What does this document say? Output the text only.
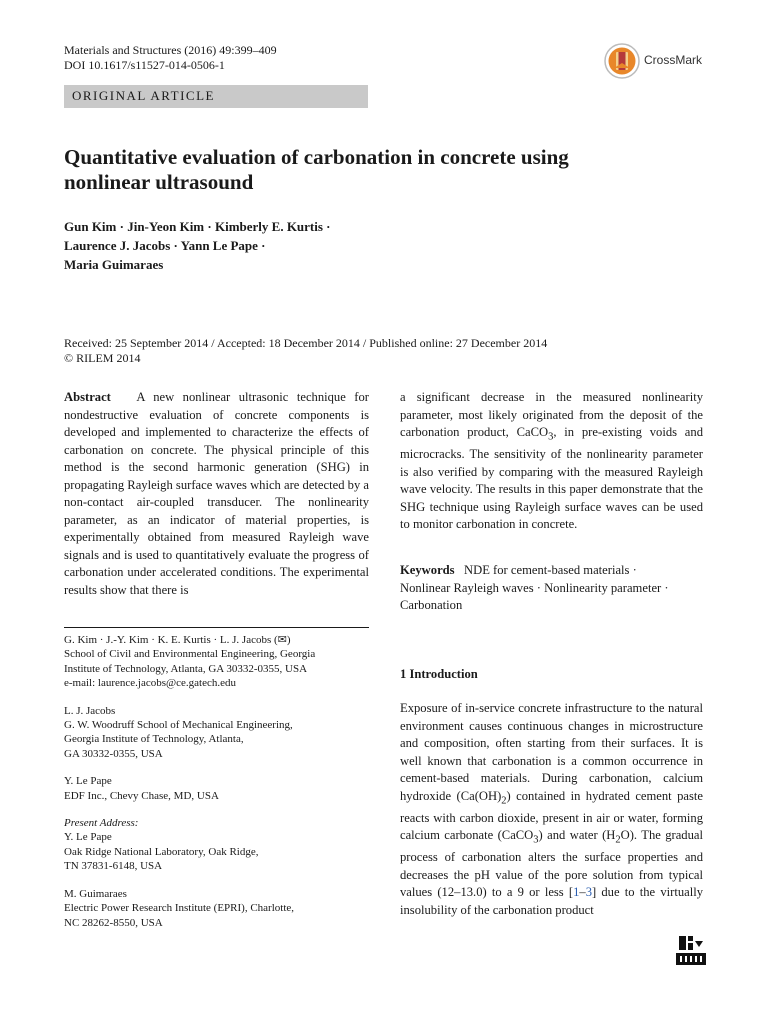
Materials and Structures (2016) 49:399–409
DOI 10.1617/s11527-014-0506-1	CrossMark
ORIGINAL ARTICLE
Quantitative evaluation of carbonation in concrete using
nonlinear ultrasound
Gun Kim · Jin-Yeon Kim · Kimberly E. Kurtis ·
Laurence J. Jacobs · Yann Le Pape ·
Maria Guimaraes
Received: 25 September 2014 / Accepted: 18 December 2014 / Published online: 27 December 2014
© RILEM 2014

Abstract A new nonlinear ultrasonic technique for nondestructive evaluation of concrete components is developed and implemented to characterize the effects of carbonation on concrete. The physical principle of this method is the second harmonic generation (SHG) in propagating Rayleigh surface waves which are detected by a non-contact air-coupled transducer. The nonlinearity parameter, as an indicator of material properties, is experimentally obtained from measured Rayleigh wave signals and is used to quantitatively evaluate the progress of carbonation under accelerated conditions. The experimental results show that there is

a significant decrease in the measured nonlinearity parameter, most likely originated from the deposit of the carbonation product, CaCO$_3$, in pre-existing voids and microcracks. The sensitivity of the nonlinearity parameter is also verified by comparing with the measured Rayleigh wave velocity. The results in this paper demonstrate that the SHG technique using Rayleigh surface waves can be used to monitor carbonation in concrete.

Keywords NDE for cement-based materials ·
Nonlinear Rayleigh waves · Nonlinearity parameter ·
Carbonation

G. Kim · J.-Y. Kim · K. E. Kurtis · L. J. Jacobs (✉)

School of Civil and Environmental Engineering, Georgia

Institute of Technology, Atlanta, GA 30332-0355, USA

e-mail: laurence.jacobs@ce.gatech.edu

L. J. Jacobs

G. W. Woodruff School of Mechanical Engineering,

Georgia Institute of Technology, Atlanta,

GA 30332-0355, USA

Y. Le Pape

EDF Inc., Chevy Chase, MD, USA

Present Address:

Y. Le Pape

Oak Ridge National Laboratory, Oak Ridge,

TN 37831-6148, USA

M. Guimaraes

Electric Power Research Institute (EPRI), Charlotte,

NC 28262-8550, USA

1 Introduction

Exposure of in-service concrete infrastructure to the natural environment causes continuous changes in microstructure and composition, often starting from their surfaces. It is well known that carbonation is a common occurrence in cement-based materials. During carbonation, calcium hydroxide $(Ca(OH)_2)$ contained in hydrated cement paste reacts with carbon dioxide, present in air or water, forming calcium carbonate (CaCO$_3$) and water $(H_2O)$. The gradual process of carbonation alters the surface properties and decreases the pH value of the pore solution from typical values (12–13.0) to a 9 or less [1–3] due to the virtually insolubility of the carbonation product
